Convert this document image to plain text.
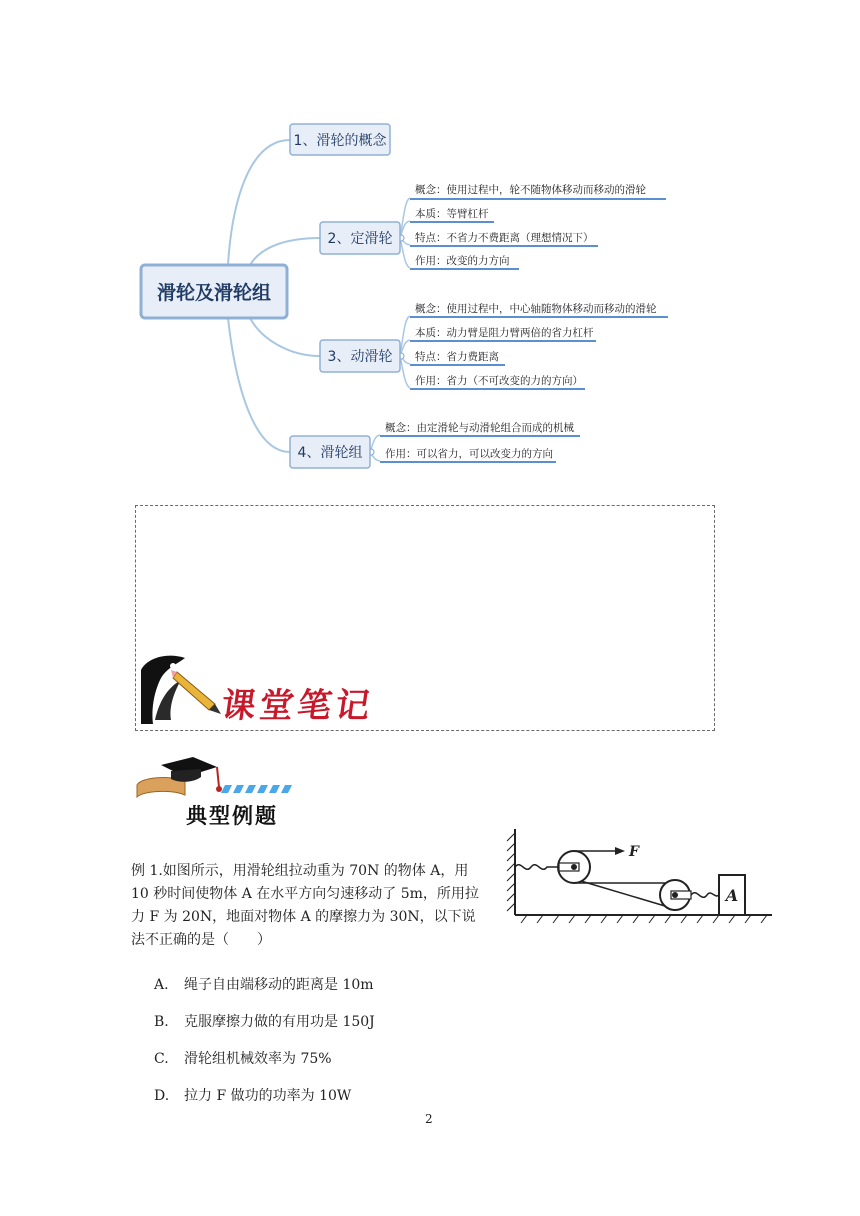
滑轮及滑轮组
1、滑轮的概念
2、定滑轮
3、动滑轮
4、滑轮组
概念：使用过程中，轮不随物体移动而移动的滑轮
本质：等臂杠杆
特点：不省力不费距离（理想情况下）
作用：改变的力方向
概念：使用过程中，中心轴随物体移动而移动的滑轮
本质：动力臂是阻力臂两倍的省力杠杆
特点：省力费距离
作用：省力（不可改变的力的方向）
概念：由定滑轮与动滑轮组合而成的机械
作用：可以省力，可以改变力的方向
课堂笔记
典型例题
例 1.如图所示，用滑轮组拉动重为 70N 的物体 A，用 10 秒时间使物体 A 在水平方向匀速移动了 5m，所用拉力 F 为 20N，地面对物体 A 的摩擦力为 30N，以下说法不正确的是（　　）
A
F
A. 绳子自由端移动的距离是 10m
B. 克服摩擦力做的有用功是 150J
C. 滑轮组机械效率为 75%
D. 拉力 F 做功的功率为 10W
2
